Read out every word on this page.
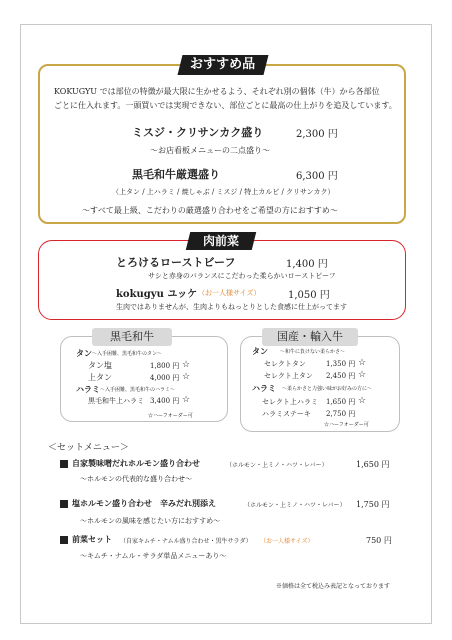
おすすめ品
KOKUGYU では部位の特徴が最大限に生かせるよう、それぞれ別の個体（牛）から各部位
ごとに仕入れます。一頭買いでは実現できない、部位ごとに最高の仕上がりを追及しています。
ミスジ・クリサンカク盛り	2,300 円
～お店看板メニューの二点盛り～
黒毛和牛厳選盛り	6,300 円
（上タン / 上ハラミ / 焼しゃぶ / ミスジ / 特上カルビ / クリサンカク）
～すべて最上級、こだわりの厳選盛り合わせをご希望の方におすすめ～
肉前菜
とろけるローストビーフ	1,400 円
サシと赤身のバランスにこだわった柔らかいローストビーフ
kokugyu ユッケ （お一人様サイズ）	1,050 円
生肉ではありませんが、生肉よりもねっとりとした食感に仕上がってます
黒毛和牛
タン ～入手困難、黒毛和牛のタン～
タン塩	1,800 円 ☆
上タン	4,000 円 ☆
ハラミ ～入手困難、黒毛和牛のハラミ～
黒毛和牛上ハラミ 3,400 円 ☆
☆ハーフオーダー可
国産・輸入牛
タン ～和牛に負けない柔らかさ～
セレクトタン	1,350 円 ☆
セレクト上タン 2,450 円 ☆
ハラミ ～柔らかさと力強い味がお好みの方に～
セレクト上ハラミ 1,650 円 ☆
ハラミステーキ 2,750 円
☆ハーフオーダー可
＜セットメニュー＞
自家製味噌だれホルモン盛り合わせ	（ホルモン・上ミノ・ハツ・レバー）	1,650 円
～ホルモンの代表的な盛り合わせ～
塩ホルモン盛り合わせ　辛みだれ別添え	（ホルモン・上ミノ・ハツ・レバー） 1,750 円
～ホルモンの風味を感じたい方におすすめ～
前菜セット （自家キムチ・ナムル盛り合わせ・黒牛サラダ） （お一人様サイズ）	750 円
～キムチ・ナムル・サラダ単品メニューあり～
※価格は全て税込み表記となっております
